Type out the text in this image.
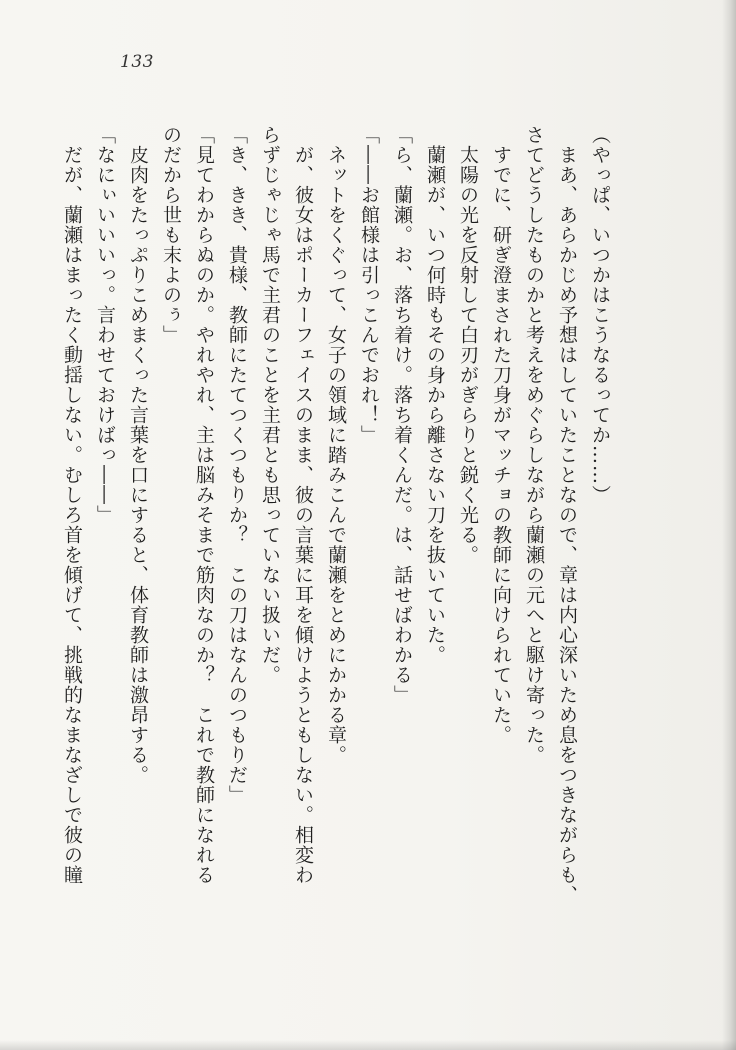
133
（やっぱ、いつかはこうなるってか……）
　まあ、あらかじめ予想はしていたことなので、章は内心深いため息をつきながらも、
さてどうしたものかと考えをめぐらしながら蘭瀬の元へと駆け寄った。
　すでに、研ぎ澄まされた刀身がマッチョの教師に向けられていた。
　太陽の光を反射して白刃がぎらりと鋭く光る。
　蘭瀬が、いつ何時もその身から離さない刀を抜いていた。
「ら、蘭瀬。お、落ち着け。落ち着くんだ。は、話せばわかる」
「――お館様は引っこんでおれ！」
　ネットをくぐって、女子の領域に踏みこんで蘭瀬をとめにかかる章。
　が、彼女はポーカーフェイスのまま、彼の言葉に耳を傾けようともしない。相変わ
らずじゃじゃ馬で主君のことを主君とも思っていない扱いだ。
「き、きき、貴様、教師にたてつくつもりか？　この刀はなんのつもりだ」
「見てわからぬのか。やれやれ、主は脳みそまで筋肉なのか？　これで教師になれる
のだから世も末よのぅ」
　皮肉をたっぷりこめまくった言葉を口にすると、体育教師は激昂する。
「なにぃいいいっ。言わせておけばっ――」
　だが、蘭瀬はまったく動揺しない。むしろ首を傾げて、挑戦的なまなざしで彼の瞳
